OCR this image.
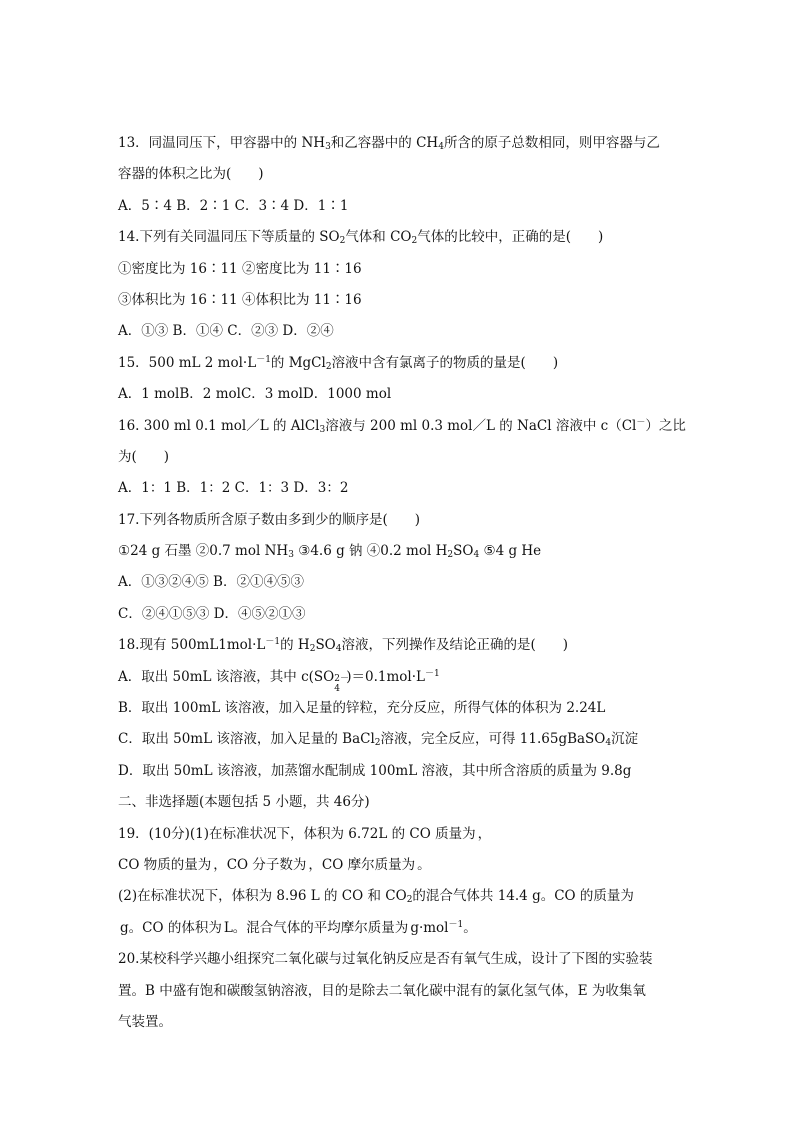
13．同温同压下，甲容器中的 $NH_3$和乙容器中的 $CH_4$所含的原子总数相同，则甲容器与乙
容器的体积之比为(　　)
A．5∶4 B．2∶1 C．3∶4 D．1∶1
14.下列有关同温同压下等质量的 $SO_2$气体和 $CO_2$气体的比较中，正确的是(　　)
①密度比为 16∶11 ②密度比为 11∶16
③体积比为 16∶11 ④体积比为 11∶16
A．①③ B．①④ C．②③ D．②④
15．500 mL 2 $mol\cdot L^{-1}$的 MgCl$_2$溶液中含有氯离子的物质的量是(　　)
A．1 molB．2 molC．3 molD．1000 mol
16. 300 ml 0.1 mol／L 的 AlCl$_3$溶液与 200 ml 0.3 mol／L 的 NaCl 溶液中 c（Cl－）之比
为(　　)
A．1：1 B．1：2 C．1：3 D．3：2
17.下列各物质所含原子数由多到少的顺序是(　　)
①24 g 石墨 ②0.7 mol $NH_3$ ③4.6 g 钠 ④0.2 mol $H_2SO_4$ ⑤4 g He
A．①③②④⑤ B．②①④⑤③
C．②④①⑤③ D．④⑤②①③
18.现有 $500mL1mol\cdot L^{-1}$的 $H_2SO_4$溶液，下列操作及结论正确的是(　　)
A．取出 50mL 该溶液，其中 c(SO 2－
4
)$=0.1mol\cdot L^{-1}$
B．取出 100mL 该溶液，加入足量的锌粒，充分反应，所得气体的体积为 2.24L
C．取出 50mL 该溶液，加入足量的 BaCl$_2$溶液，完全反应，可得 11.65gBaSO$_4$沉淀
D．取出 50mL 该溶液，加蒸馏水配制成 100mL 溶液，其中所含溶质的质量为 9.8g
二、非选择题(本题包括 5 小题，共 46分)
19．(10分)(1)在标准状况下，体积为 6.72L 的 CO 质量为 ，
CO 物质的量为 ，CO 分子数为 ，CO 摩尔质量为 。
(2)在标准状况下，体积为 8.96 L 的 CO 和 $CO_2$的混合气体共 14.4 g。CO 的质量为
g。CO 的体积为 L。混合气体的平均摩尔质量为 g·mol$^{-1}$。
20.某校科学兴趣小组探究二氧化碳与过氧化钠反应是否有氧气生成，设计了下图的实验装
置。B 中盛有饱和碳酸氢钠溶液，目的是除去二氧化碳中混有的氯化氢气体，E 为收集氧
气装置。
